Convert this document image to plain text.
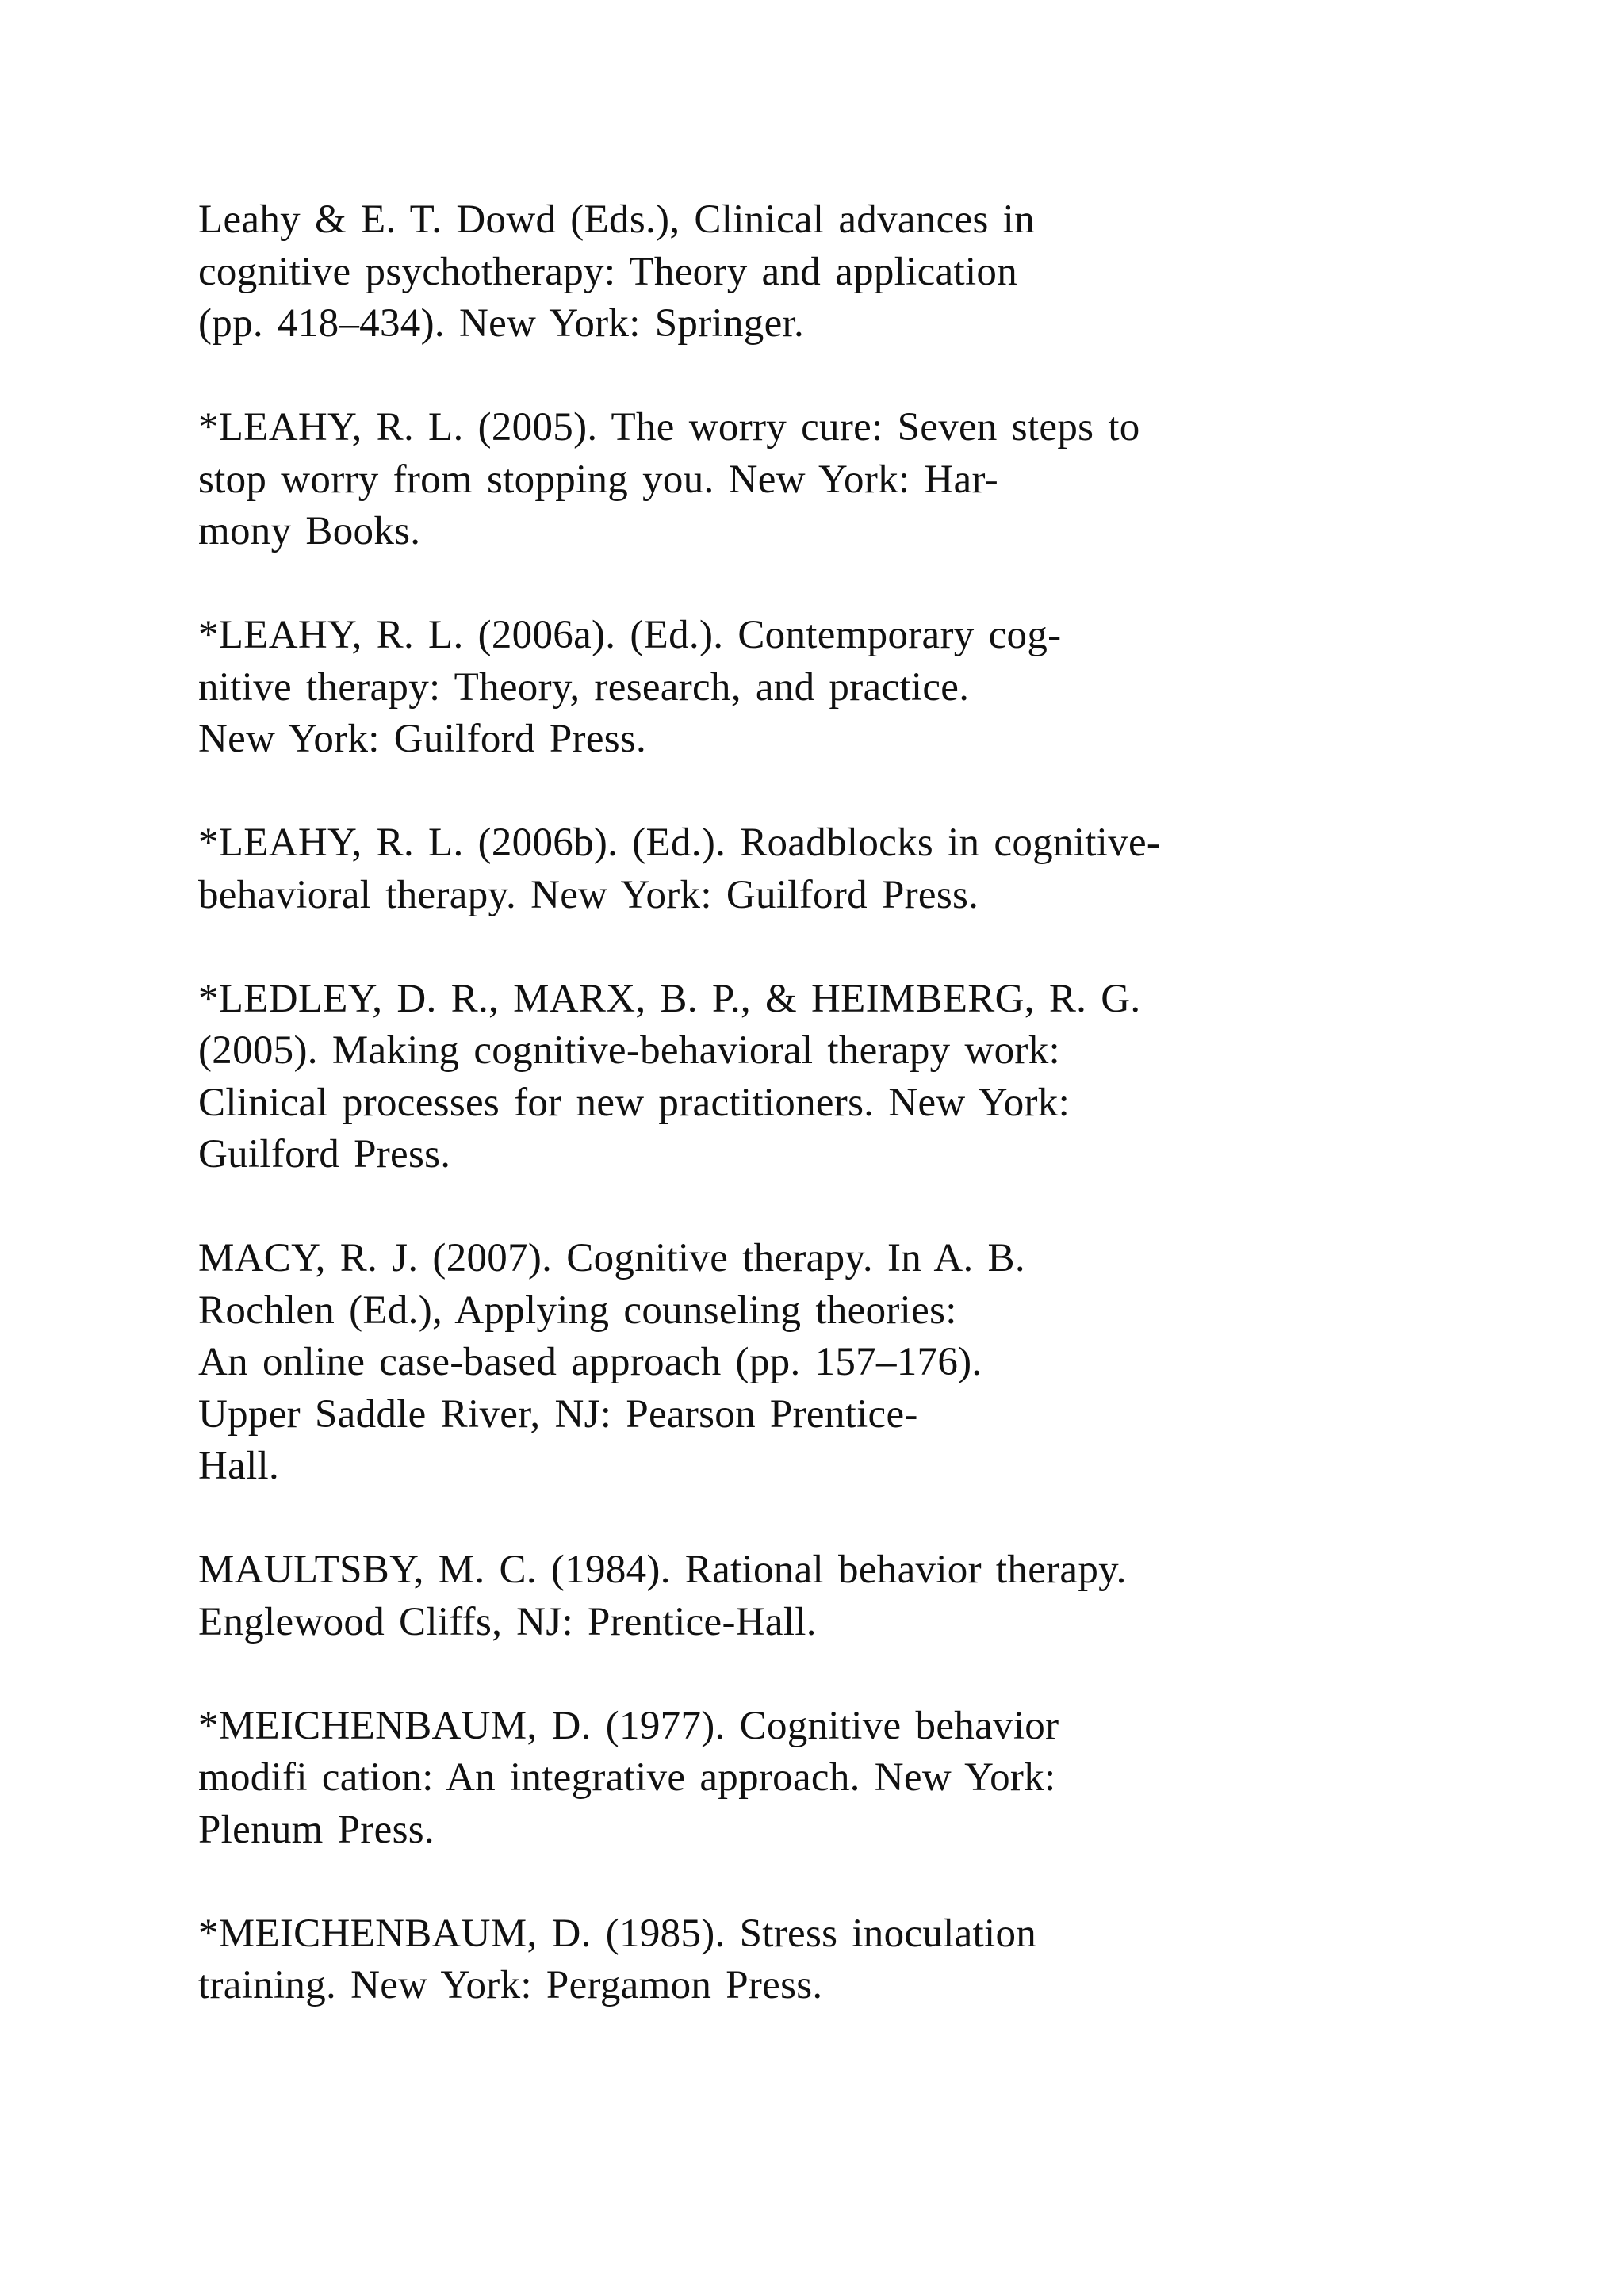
Leahy & E. T. Dowd (Eds.), Clinical advances in
cognitive psychotherapy: Theory and application
(pp. 418–434). New York: Springer.
*LEAHY, R. L. (2005). The worry cure: Seven steps to
stop worry from stopping you. New York: Har-
mony Books.
*LEAHY, R. L. (2006a). (Ed.). Contemporary cog-
nitive therapy: Theory, research, and practice.
New York: Guilford Press.
*LEAHY, R. L. (2006b). (Ed.). Roadblocks in cognitive-
behavioral therapy. New York: Guilford Press.
*LEDLEY, D. R., MARX, B. P., & HEIMBERG, R. G.
(2005). Making cognitive-behavioral therapy work:
Clinical processes for new practitioners. New York:
Guilford Press.
MACY, R. J. (2007). Cognitive therapy. In A. B.
Rochlen (Ed.), Applying counseling theories:
An online case-based approach (pp. 157–176).
Upper Saddle River, NJ: Pearson Prentice-
Hall.
MAULTSBY, M. C. (1984). Rational behavior therapy.
Englewood Cliffs, NJ: Prentice-Hall.
*MEICHENBAUM, D. (1977). Cognitive behavior
modifi cation: An integrative approach. New York:
Plenum Press.
*MEICHENBAUM, D. (1985). Stress inoculation
training. New York: Pergamon Press.
